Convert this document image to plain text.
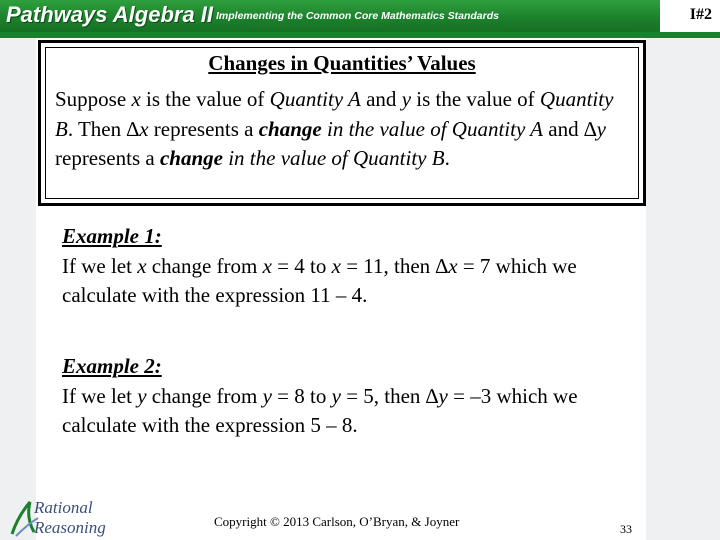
Pathways Algebra II Implementing the Common Core Mathematics Standards	I#2
Changes in Quantities’ Values
Suppose x is the value of Quantity A and y is the value of Quantity B. Then ∆x represents a change in the value of Quantity A and ∆y represents a change in the value of Quantity B.
Example 1:
If we let x change from x = 4 to x = 11, then ∆x = 7 which we calculate with the expression 11 – 4.
Example 2:
If we let y change from y = 8 to y = 5, then ∆y = –3 which we calculate with the expression 5 – 8.
Rational
Reasoning	Copyright © 2013 Carlson, O’Bryan, & Joyner	33
